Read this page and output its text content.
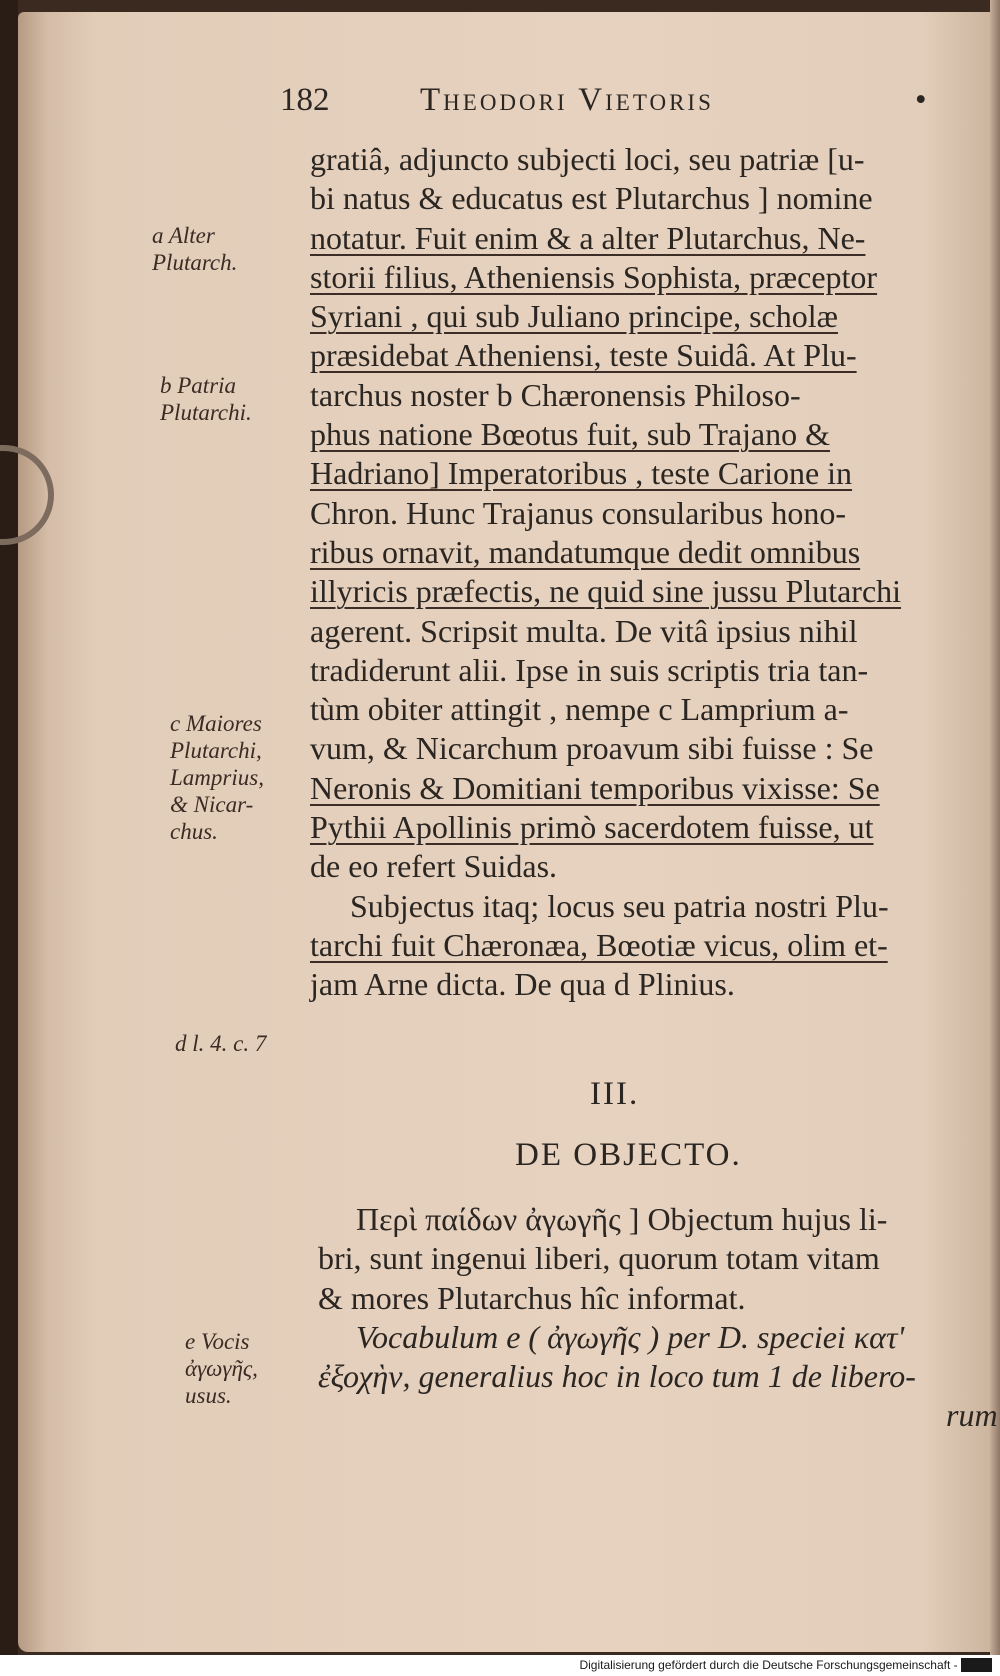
182	Theodori Vietoris	•
gratiâ, adjuncto subjecti loci, seu patriæ [u-
bi natus & educatus est Plutarchus ] nomine
notatur. Fuit enim & a alter Plutarchus, Ne-
storii filius, Atheniensis Sophista, præceptor
Syriani , qui sub Juliano principe, scholæ
præsidebat Atheniensi, teste Suidâ. At Plu-
tarchus noster b Chæronensis Philoso-
phus natione Bœotus fuit, sub Trajano &
Hadriano] Imperatoribus , teste Carione in
Chron. Hunc Trajanus consularibus hono-
ribus ornavit, mandatumque dedit omnibus
illyricis præfectis, ne quid sine jussu Plutarchi
agerent. Scripsit multa. De vitâ ipsius nihil
tradiderunt alii. Ipse in suis scriptis tria tan-
tùm obiter attingit , nempe c Lamprium a-
vum, & Nicarchum proavum sibi fuisse : Se
Neronis & Domitiani temporibus vixisse: Se
Pythii Apollinis primò sacerdotem fuisse, ut
de eo refert Suidas.
Subjectus itaq; locus seu patria nostri Plu-
tarchi fuit Chæronæa, Bœotiæ vicus, olim et-
jam Arne dicta. De qua d Plinius.
III.
DE OBJECTO.
Περὶ παίδων ἀγωγῆς ] Objectum hujus li-
bri, sunt ingenui liberi, quorum totam vitam
& mores Plutarchus hîc informat.
Vocabulum e ( ἀγωγῆς ) per D. speciei κατ'
ἐξοχὴν, generalius hoc in loco tum 1 de libero-
rum
a Alter
Plutarch.
b Patria
Plutarchi.
c Maiores
Plutarchi,
Lamprius,
& Nicar-
chus.
d l. 4. c. 7
e Vocis
ἀγωγῆς,
usus.
Digitalisierung gefördert durch die Deutsche Forschungsgemeinschaft - DFG
